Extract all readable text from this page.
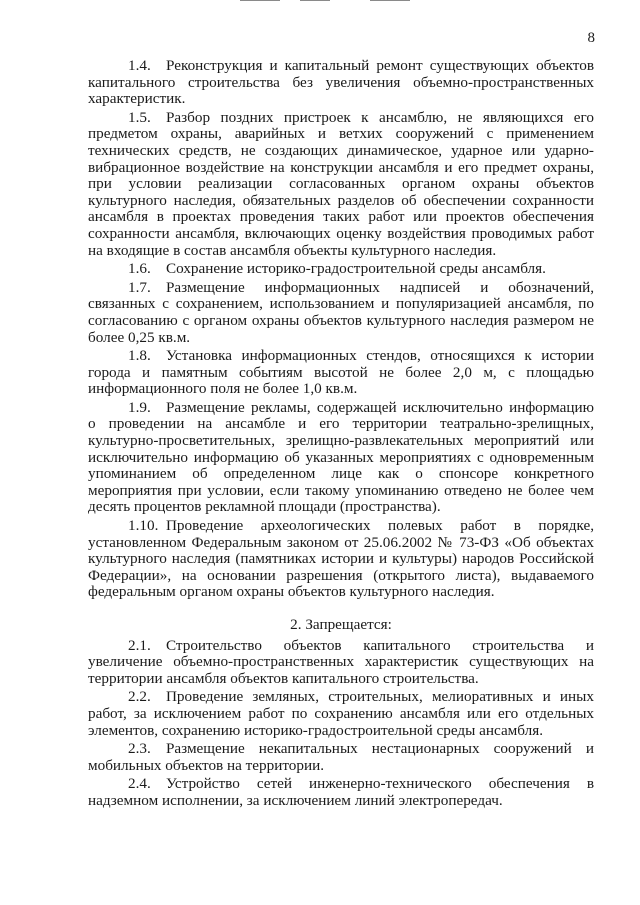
8

1.4. Реконструкция и капитальный ремонт существующих объектов капитального строительства без увеличения объемно-пространственных характеристик.

1.5. Разбор поздних пристроек к ансамблю, не являющихся его предметом охраны, аварийных и ветхих сооружений с применением технических средств, не создающих динамическое, ударное или ударно-вибрационное воздействие на конструкции ансамбля и его предмет охраны, при условии реализации согласованных органом охраны объектов культурного наследия, обязательных разделов об обеспечении сохранности ансамбля в проектах проведения таких работ или проектов обеспечения сохранности ансамбля, включающих оценку воздействия проводимых работ на входящие в состав ансамбля объекты культурного наследия.

1.6. Сохранение историко-градостроительной среды ансамбля.

1.7. Размещение информационных надписей и обозначений, связанных с сохранением, использованием и популяризацией ансамбля, по согласованию с органом охраны объектов культурного наследия размером не более 0,25 кв.м.

1.8. Установка информационных стендов, относящихся к истории города и памятным событиям высотой не более 2,0 м, с площадью информационного поля не более 1,0 кв.м.

1.9. Размещение рекламы, содержащей исключительно информацию о проведении на ансамбле и его территории театрально-зрелищных, культурно-просветительных, зрелищно-развлекательных мероприятий или исключительно информацию об указанных мероприятиях с одновременным упоминанием об определенном лице как о спонсоре конкретного мероприятия при условии, если такому упоминанию отведено не более чем десять процентов рекламной площади (пространства).

1.10. Проведение археологических полевых работ в порядке, установленном Федеральным законом от 25.06.2002 № 73-ФЗ «Об объектах культурного наследия (памятниках истории и культуры) народов Российской Федерации», на основании разрешения (открытого листа), выдаваемого федеральным органом охраны объектов культурного наследия.

2. Запрещается:

2.1. Строительство объектов капитального строительства и увеличение объемно-пространственных характеристик существующих на территории ансамбля объектов капитального строительства.

2.2. Проведение земляных, строительных, мелиоративных и иных работ, за исключением работ по сохранению ансамбля или его отдельных элементов, сохранению историко-градостроительной среды ансамбля.

2.3. Размещение некапитальных нестационарных сооружений и мобильных объектов на территории.

2.4. Устройство сетей инженерно-технического обеспечения в надземном исполнении, за исключением линий электропередач.
